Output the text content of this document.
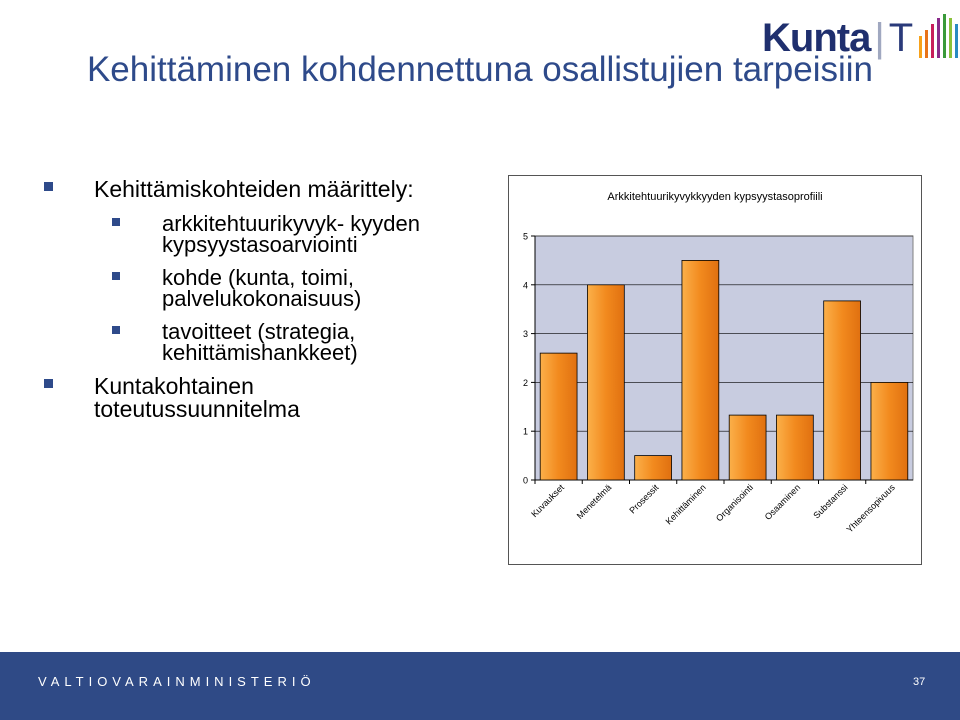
Kunta | T
Kehittäminen kohdennettuna osallistujien tarpeisiin
Kehittämiskohteiden määrittely:
arkkitehtuurikyvyk- kyyden kypsyystasoarviointi
kohde (kunta, toimi, palvelukokonaisuus)
tavoitteet (strategia, kehittämishankkeet)
Kuntakohtainen toteutussuunnitelma
Arkkitehtuurikyvykkyyden kypsyystasoprofiili
0
1
2
3
4
5
Kuvaukset Menetelmä Prosessit Kehittäminen Organisointi Osaaminen Substanssi
Yhteensopivuus
VALTIOVARAINMINISTERIÖ	37
